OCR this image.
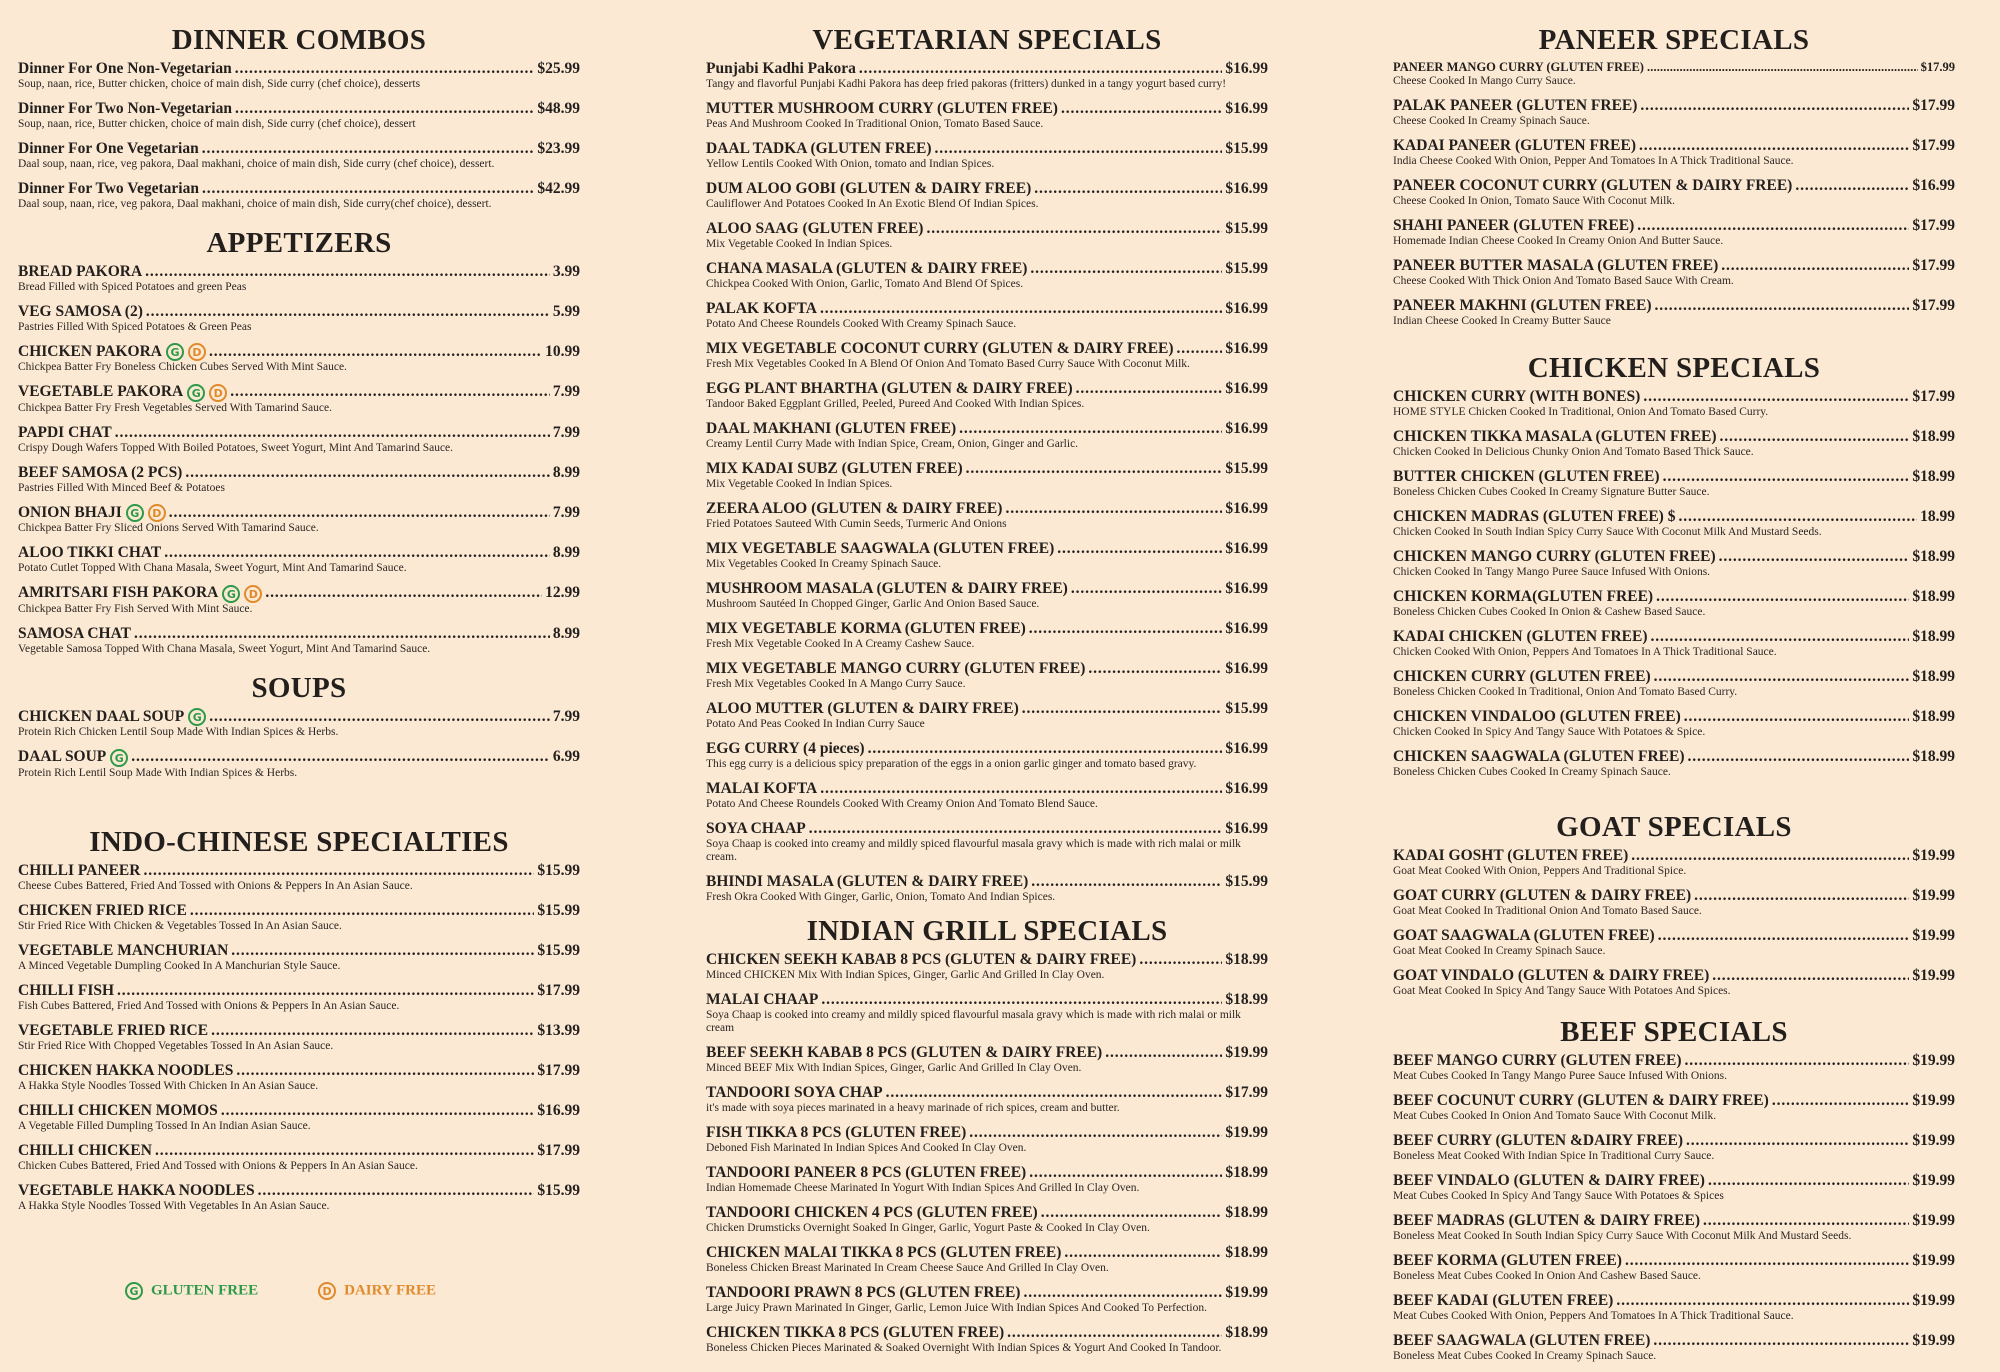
DINNER COMBOS
Dinner For One Non-Vegetarian . . .	$25.99
Soup, naan, rice, Butter chicken, choice of main dish, Side curry (chef choice), desserts
Dinner For Two Non-Vegetarian . . .	$48.99
Soup, naan, rice, Butter chicken, choice of main dish, Side curry (chef choice), dessert
Dinner For One Vegetarian . . .	$23.99
Daal soup, naan, rice, veg pakora, Daal makhani, choice of main dish, Side curry (chef choice), dessert.
Dinner For Two Vegetarian . . .	$42.99
Daal soup, naan, rice, veg pakora, Daal makhani, choice of main dish, Side curry(chef choice), dessert.
APPETIZERS
BREAD PAKORA . . .	3.99
Bread Filled with Spiced Potatoes and green Peas
VEG SAMOSA (2) . . .	5.99
Pastries Filled With Spiced Potatoes & Green Peas
CHICKEN PAKORA G D . . .	10.99
Chickpea Batter Fry Boneless Chicken Cubes Served With Mint Sauce.
VEGETABLE PAKORA G D . . .	7.99
Chickpea Batter Fry Fresh Vegetables Served With Tamarind Sauce.
PAPDI CHAT . . .	7.99
Crispy Dough Wafers Topped With Boiled Potatoes, Sweet Yogurt, Mint And Tamarind Sauce.
BEEF SAMOSA (2 PCS) . . .	8.99
Pastries Filled With Minced Beef & Potatoes
ONION BHAJI G D . . .	7.99
Chickpea Batter Fry Sliced Onions Served With Tamarind Sauce.
ALOO TIKKI CHAT . . .	8.99
Potato Cutlet Topped With Chana Masala, Sweet Yogurt, Mint And Tamarind Sauce.
AMRITSARI FISH PAKORA G D . . .	12.99
Chickpea Batter Fry Fish Served With Mint Sauce.
SAMOSA CHAT . . .	8.99
Vegetable Samosa Topped With Chana Masala, Sweet Yogurt, Mint And Tamarind Sauce.
SOUPS
CHICKEN DAAL SOUP G . . .	7.99
Protein Rich Chicken Lentil Soup Made With Indian Spices & Herbs.
DAAL SOUP G . . .	6.99
Protein Rich Lentil Soup Made With Indian Spices & Herbs.
INDO-CHINESE SPECIALTIES
CHILLI PANEER . . .	$15.99
Cheese Cubes Battered, Fried And Tossed with Onions & Peppers In An Asian Sauce.
CHICKEN FRIED RICE . . .	$15.99
Stir Fried Rice With Chicken & Vegetables Tossed In An Asian Sauce.
VEGETABLE MANCHURIAN . . .	$15.99
A Minced Vegetable Dumpling Cooked In A Manchurian Style Sauce.
CHILLI FISH . . .	$17.99
Fish Cubes Battered, Fried And Tossed with Onions & Peppers In An Asian Sauce.
VEGETABLE FRIED RICE . . .	$13.99
Stir Fried Rice With Chopped Vegetables Tossed In An Asian Sauce.
CHICKEN HAKKA NOODLES . . .	$17.99
A Hakka Style Noodles Tossed With Chicken In An Asian Sauce.
CHILLI CHICKEN MOMOS . . .	$16.99
A Vegetable Filled Dumpling Tossed In An Indian Asian Sauce.
CHILLI CHICKEN . . .	$17.99
Chicken Cubes Battered, Fried And Tossed with Onions & Peppers In An Asian Sauce.
VEGETABLE HAKKA NOODLES . . .	$15.99
A Hakka Style Noodles Tossed With Vegetables In An Asian Sauce.
VEGETARIAN SPECIALS
Punjabi Kadhi Pakora . . .	$16.99
Tangy and flavorful Punjabi Kadhi Pakora has deep fried pakoras (fritters) dunked in a tangy yogurt based curry!
MUTTER MUSHROOM CURRY (GLUTEN FREE) . . .	$16.99
Peas And Mushroom Cooked In Traditional Onion, Tomato Based Sauce.
DAAL TADKA (GLUTEN FREE) . . .	$15.99
Yellow Lentils Cooked With Onion, tomato and Indian Spices.
DUM ALOO GOBI (GLUTEN & DAIRY FREE) . . .	$16.99
Cauliflower And Potatoes Cooked In An Exotic Blend Of Indian Spices.
ALOO SAAG (GLUTEN FREE) . . .	$15.99
Mix Vegetable Cooked In Indian Spices.
CHANA MASALA (GLUTEN & DAIRY FREE) . . .	$15.99
Chickpea Cooked With Onion, Garlic, Tomato And Blend Of Spices.
PALAK KOFTA . . .	$16.99
Potato And Cheese Roundels Cooked With Creamy Spinach Sauce.
MIX VEGETABLE COCONUT CURRY (GLUTEN & DAIRY FREE) . . .	$16.99
Fresh Mix Vegetables Cooked In A Blend Of Onion And Tomato Based Curry Sauce With Coconut Milk.
EGG PLANT BHARTHA (GLUTEN & DAIRY FREE) . . .	$16.99
Tandoor Baked Eggplant Grilled, Peeled, Pureed And Cooked With Indian Spices.
DAAL MAKHANI (GLUTEN FREE) . . .	$16.99
Creamy Lentil Curry Made with Indian Spice, Cream, Onion, Ginger and Garlic.
MIX KADAI SUBZ (GLUTEN FREE) . . .	$15.99
Mix Vegetable Cooked In Indian Spices.
ZEERA ALOO (GLUTEN & DAIRY FREE) . . .	$16.99
Fried Potatoes Sauteed With Cumin Seeds, Turmeric And Onions
MIX VEGETABLE SAAGWALA (GLUTEN FREE) . . .	$16.99
Mix Vegetables Cooked In Creamy Spinach Sauce.
MUSHROOM MASALA (GLUTEN & DAIRY FREE) . . .	$16.99
Mushroom Sautéed In Chopped Ginger, Garlic And Onion Based Sauce.
MIX VEGETABLE KORMA (GLUTEN FREE) . . .	$16.99
Fresh Mix Vegetable Cooked In A Creamy Cashew Sauce.
MIX VEGETABLE MANGO CURRY (GLUTEN FREE) . . .	$16.99
Fresh Mix Vegetables Cooked In A Mango Curry Sauce.
ALOO MUTTER (GLUTEN & DAIRY FREE) . . .	$15.99
Potato And Peas Cooked In Indian Curry Sauce
EGG CURRY (4 pieces) . . .	$16.99
This egg curry is a delicious spicy preparation of the eggs in a onion garlic ginger and tomato based gravy.
MALAI KOFTA . . .	$16.99
Potato And Cheese Roundels Cooked With Creamy Onion And Tomato Blend Sauce.
SOYA CHAAP . . .	$16.99
Soya Chaap is cooked into creamy and mildly spiced flavourful masala gravy which is made with rich malai or milk cream.
BHINDI MASALA (GLUTEN & DAIRY FREE) . . .	$15.99
Fresh Okra Cooked With Ginger, Garlic, Onion, Tomato And Indian Spices.
INDIAN GRILL SPECIALS
CHICKEN SEEKH KABAB 8 PCS (GLUTEN & DAIRY FREE) . . .	$18.99
Minced CHICKEN Mix With Indian Spices, Ginger, Garlic And Grilled In Clay Oven.
MALAI CHAAP . . .	$18.99
Soya Chaap is cooked into creamy and mildly spiced flavourful masala gravy which is made with rich malai or milk cream
BEEF SEEKH KABAB 8 PCS (GLUTEN & DAIRY FREE) . . .	$19.99
Minced BEEF Mix With Indian Spices, Ginger, Garlic And Grilled In Clay Oven.
TANDOORI SOYA CHAP . . .	$17.99
it's made with soya pieces marinated in a heavy marinade of rich spices, cream and butter.
FISH TIKKA 8 PCS (GLUTEN FREE) . . .	$19.99
Deboned Fish Marinated In Indian Spices And Cooked In Clay Oven.
TANDOORI PANEER 8 PCS (GLUTEN FREE) . . .	$18.99
Indian Homemade Cheese Marinated In Yogurt With Indian Spices And Grilled In Clay Oven.
TANDOORI CHICKEN 4 PCS (GLUTEN FREE) . . .	$18.99
Chicken Drumsticks Overnight Soaked In Ginger, Garlic, Yogurt Paste & Cooked In Clay Oven.
CHICKEN MALAI TIKKA 8 PCS (GLUTEN FREE) . . .	$18.99
Boneless Chicken Breast Marinated In Cream Cheese Sauce And Grilled In Clay Oven.
TANDOORI PRAWN 8 PCS (GLUTEN FREE) . . .	$19.99
Large Juicy Prawn Marinated In Ginger, Garlic, Lemon Juice With Indian Spices And Cooked To Perfection.
CHICKEN TIKKA 8 PCS (GLUTEN FREE) . . .	$18.99
Boneless Chicken Pieces Marinated & Soaked Overnight With Indian Spices & Yogurt And Cooked In Tandoor.
PANEER SPECIALS
PANEER MANGO CURRY (GLUTEN FREE) . . .	$17.99
Cheese Cooked In Mango Curry Sauce.
PALAK PANEER (GLUTEN FREE) . . .	$17.99
Cheese Cooked In Creamy Spinach Sauce.
KADAI PANEER (GLUTEN FREE) . . .	$17.99
India Cheese Cooked With Onion, Pepper And Tomatoes In A Thick Traditional Sauce.
PANEER COCONUT CURRY (GLUTEN & DAIRY FREE) . . .	$16.99
Cheese Cooked In Onion, Tomato Sauce With Coconut Milk.
SHAHI PANEER (GLUTEN FREE) . . .	$17.99
Homemade Indian Cheese Cooked In Creamy Onion And Butter Sauce.
PANEER BUTTER MASALA (GLUTEN FREE) . . .	$17.99
Cheese Cooked With Thick Onion And Tomato Based Sauce With Cream.
PANEER MAKHNI (GLUTEN FREE) . . .	$17.99
Indian Cheese Cooked In Creamy Butter Sauce
CHICKEN SPECIALS
CHICKEN CURRY (WITH BONES) . . .	$17.99
HOME STYLE Chicken Cooked In Traditional, Onion And Tomato Based Curry.
CHICKEN TIKKA MASALA (GLUTEN FREE) . . .	$18.99
Chicken Cooked In Delicious Chunky Onion And Tomato Based Thick Sauce.
BUTTER CHICKEN (GLUTEN FREE) . . .	$18.99
Boneless Chicken Cubes Cooked In Creamy Signature Butter Sauce.
CHICKEN MADRAS (GLUTEN FREE) $ . . .	18.99
Chicken Cooked In South Indian Spicy Curry Sauce With Coconut Milk And Mustard Seeds.
CHICKEN MANGO CURRY (GLUTEN FREE) . . .	$18.99
Chicken Cooked In Tangy Mango Puree Sauce Infused With Onions.
CHICKEN KORMA(GLUTEN FREE) . . .	$18.99
Boneless Chicken Cubes Cooked In Onion & Cashew Based Sauce.
KADAI CHICKEN (GLUTEN FREE) . . .	$18.99
Chicken Cooked With Onion, Peppers And Tomatoes In A Thick Traditional Sauce.
CHICKEN CURRY (GLUTEN FREE) . . .	$18.99
Boneless Chicken Cooked In Traditional, Onion And Tomato Based Curry.
CHICKEN VINDALOO (GLUTEN FREE) . . .	$18.99
Chicken Cooked In Spicy And Tangy Sauce With Potatoes & Spice.
CHICKEN SAAGWALA (GLUTEN FREE) . . .	$18.99
Boneless Chicken Cubes Cooked In Creamy Spinach Sauce.
GOAT SPECIALS
KADAI GOSHT (GLUTEN FREE) . . .	$19.99
Goat Meat Cooked With Onion, Peppers And Traditional Spice.
GOAT CURRY (GLUTEN & DAIRY FREE) . . .	$19.99
Goat Meat Cooked In Traditional Onion And Tomato Based Sauce.
GOAT SAAGWALA (GLUTEN FREE) . . .	$19.99
Goat Meat Cooked In Creamy Spinach Sauce.
GOAT VINDALO (GLUTEN & DAIRY FREE) . . .	$19.99
Goat Meat Cooked In Spicy And Tangy Sauce With Potatoes And Spices.
BEEF SPECIALS
BEEF MANGO CURRY (GLUTEN FREE) . . .	$19.99
Meat Cubes Cooked In Tangy Mango Puree Sauce Infused With Onions.
BEEF COCUNUT CURRY (GLUTEN & DAIRY FREE) . . .	$19.99
Meat Cubes Cooked In Onion And Tomato Sauce With Coconut Milk.
BEEF CURRY (GLUTEN &DAIRY FREE) . . .	$19.99
Boneless Meat Cooked With Indian Spice In Traditional Curry Sauce.
BEEF VINDALO (GLUTEN & DAIRY FREE) . . .	$19.99
Meat Cubes Cooked In Spicy And Tangy Sauce With Potatoes & Spices
BEEF MADRAS (GLUTEN & DAIRY FREE) . . .	$19.99
Boneless Meat Cooked In South Indian Spicy Curry Sauce With Coconut Milk And Mustard Seeds.
BEEF KORMA (GLUTEN FREE) . . .	$19.99
Boneless Meat Cubes Cooked In Onion And Cashew Based Sauce.
BEEF KADAI (GLUTEN FREE) . . .	$19.99
Meat Cubes Cooked With Onion, Peppers And Tomatoes In A Thick Traditional Sauce.
BEEF SAAGWALA (GLUTEN FREE) . . .	$19.99
Boneless Meat Cubes Cooked In Creamy Spinach Sauce.
G GLUTEN FREE	D DAIRY FREE
